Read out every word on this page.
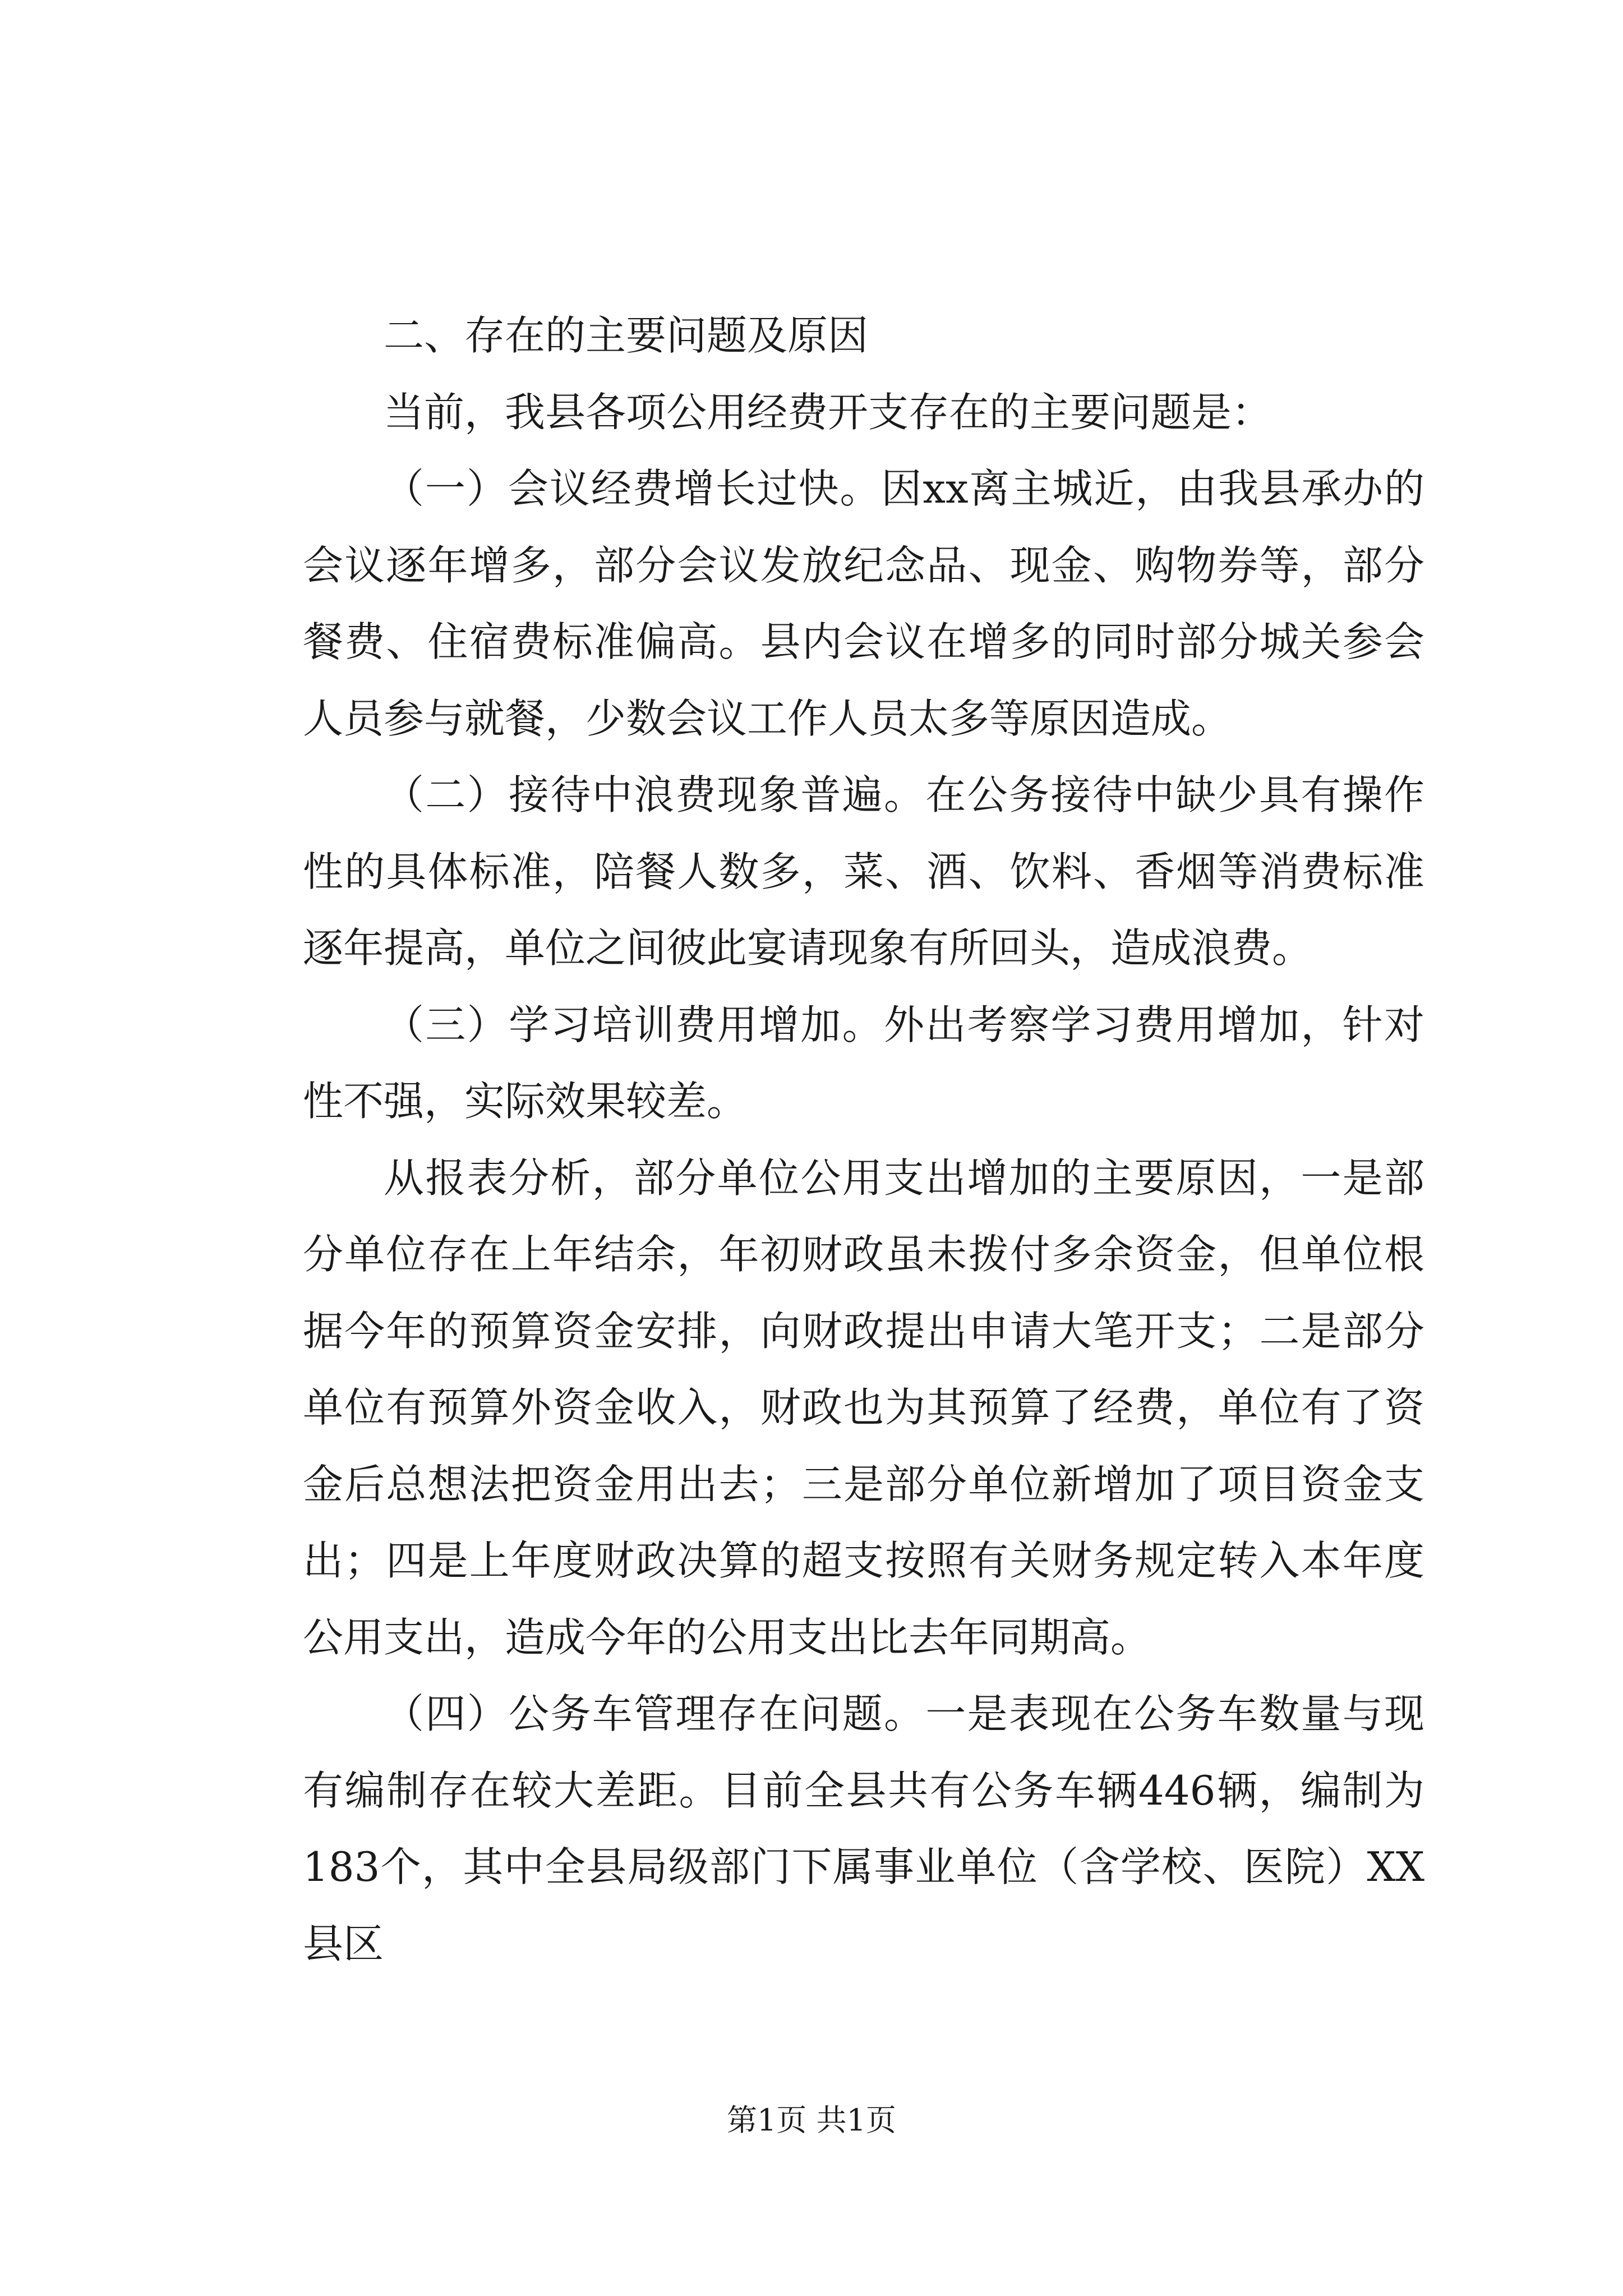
二、存在的主要问题及原因

当前，我县各项公用经费开支存在的主要问题是：

（一）会议经费增长过快。因xx离主城近，由我县承办的会议逐年增多，部分会议发放纪念品、现金、购物券等，部分餐费、住宿费标准偏高。县内会议在增多的同时部分城关参会人员参与就餐，少数会议工作人员太多等原因造成。

（二）接待中浪费现象普遍。在公务接待中缺少具有操作性的具体标准，陪餐人数多，菜、酒、饮料、香烟等消费标准逐年提高，单位之间彼此宴请现象有所回头，造成浪费。

（三）学习培训费用增加。外出考察学习费用增加，针对性不强，实际效果较差。

从报表分析，部分单位公用支出增加的主要原因，一是部分单位存在上年结余，年初财政虽未拨付多余资金，但单位根据今年的预算资金安排，向财政提出申请大笔开支；二是部分单位有预算外资金收入，财政也为其预算了经费，单位有了资金后总想法把资金用出去；三是部分单位新增加了项目资金支出；四是上年度财政决算的超支按照有关财务规定转入本年度公用支出，造成今年的公用支出比去年同期高。

（四）公务车管理存在问题。一是表现在公务车数量与现有编制存在较大差距。目前全县共有公务车辆446辆，编制为183个，其中全县局级部门下属事业单位（含学校、医院）XX县区

第1页 共1页
